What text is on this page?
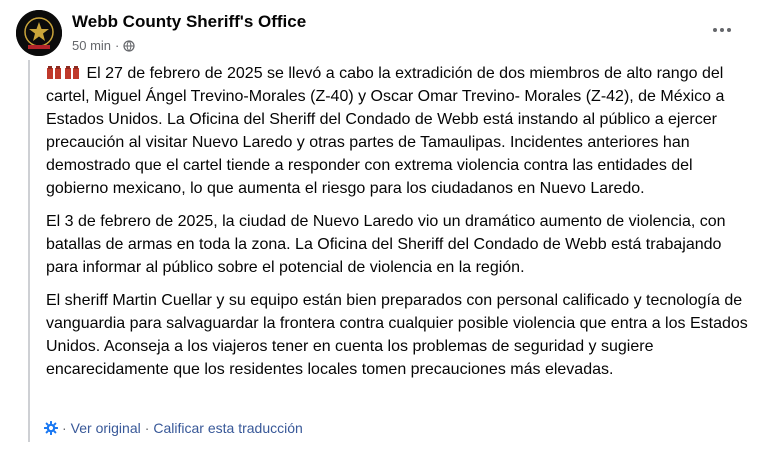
Webb County Sheriff's Office
50 min ·

El 27 de febrero de 2025 se llevó a cabo la extradición de dos miembros de alto rango del cartel, Miguel Ángel Trevino-Morales (Z-40) y Oscar Omar Trevino- Morales (Z-42), de México a Estados Unidos. La Oficina del Sheriff del Condado de Webb está instando al público a ejercer precaución al visitar Nuevo Laredo y otras partes de Tamaulipas. Incidentes anteriores han demostrado que el cartel tiende a responder con extrema violencia contra las entidades del gobierno mexicano, lo que aumenta el riesgo para los ciudadanos en Nuevo Laredo.

El 3 de febrero de 2025, la ciudad de Nuevo Laredo vio un dramático aumento de violencia, con batallas de armas en toda la zona. La Oficina del Sheriff del Condado de Webb está trabajando para informar al público sobre el potencial de violencia en la región.

El sheriff Martin Cuellar y su equipo están bien preparados con personal calificado y tecnología de vanguardia para salvaguardar la frontera contra cualquier posible violencia que entra a los Estados Unidos. Aconseja a los viajeros tener en cuenta los problemas de seguridad y sugiere encarecidamente que los residentes locales tomen precauciones más elevadas.

· Ver original · Calificar esta traducción
